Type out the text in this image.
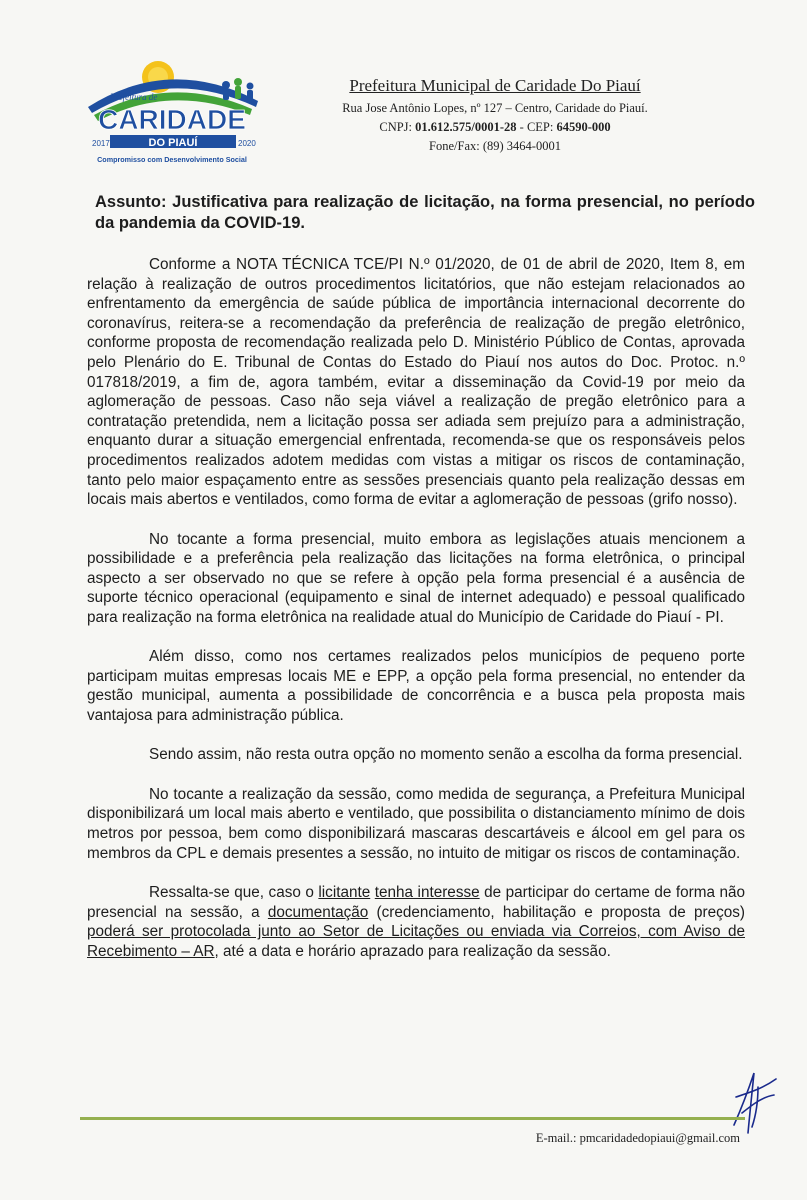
Prefeitura de
CARIDADE
DO PIAUÍ
2017	2020
Compromisso com Desenvolvimento Social
Prefeitura Municipal de Caridade Do Piauí
Rua Jose Antônio Lopes, nº 127 – Centro, Caridade do Piauí.
CNPJ: 01.612.575/0001-28 - CEP: 64590-000
Fone/Fax: (89) 3464-0001
Assunto: Justificativa para realização de licitação, na forma presencial, no período da pandemia da COVID-19.

Conforme a NOTA TÉCNICA TCE/PI N.º 01/2020, de 01 de abril de 2020, Item 8, em relação à realização de outros procedimentos licitatórios, que não estejam relacionados ao enfrentamento da emergência de saúde pública de importância internacional decorrente do coronavírus, reitera-se a recomendação da preferência de realização de pregão eletrônico, conforme proposta de recomendação realizada pelo D. Ministério Público de Contas, aprovada pelo Plenário do E. Tribunal de Contas do Estado do Piauí nos autos do Doc. Protoc. n.º 017818/2019, a fim de, agora também, evitar a disseminação da Covid-19 por meio da aglomeração de pessoas. Caso não seja viável a realização de pregão eletrônico para a contratação pretendida, nem a licitação possa ser adiada sem prejuízo para a administração, enquanto durar a situação emergencial enfrentada, recomenda-se que os responsáveis pelos procedimentos realizados adotem medidas com vistas a mitigar os riscos de contaminação, tanto pelo maior espaçamento entre as sessões presenciais quanto pela realização dessas em locais mais abertos e ventilados, como forma de evitar a aglomeração de pessoas (grifo nosso).

No tocante a forma presencial, muito embora as legislações atuais mencionem a possibilidade e a preferência pela realização das licitações na forma eletrônica, o principal aspecto a ser observado no que se refere à opção pela forma presencial é a ausência de suporte técnico operacional (equipamento e sinal de internet adequado) e pessoal qualificado para realização na forma eletrônica na realidade atual do Município de Caridade do Piauí - PI.

Além disso, como nos certames realizados pelos municípios de pequeno porte participam muitas empresas locais ME e EPP, a opção pela forma presencial, no entender da gestão municipal, aumenta a possibilidade de concorrência e a busca pela proposta mais vantajosa para administração pública.

Sendo assim, não resta outra opção no momento senão a escolha da forma presencial.

No tocante a realização da sessão, como medida de segurança, a Prefeitura Municipal disponibilizará um local mais aberto e ventilado, que possibilita o distanciamento mínimo de dois metros por pessoa, bem como disponibilizará mascaras descartáveis e álcool em gel para os membros da CPL e demais presentes a sessão, no intuito de mitigar os riscos de contaminação.

Ressalta-se que, caso o licitante tenha interesse de participar do certame de forma não presencial na sessão, a documentação (credenciamento, habilitação e proposta de preços) poderá ser protocolada junto ao Setor de Licitações ou enviada via Correios, com Aviso de Recebimento – AR, até a data e horário aprazado para realização da sessão.

E-mail.: pmcaridadedopiaui@gmail.com
